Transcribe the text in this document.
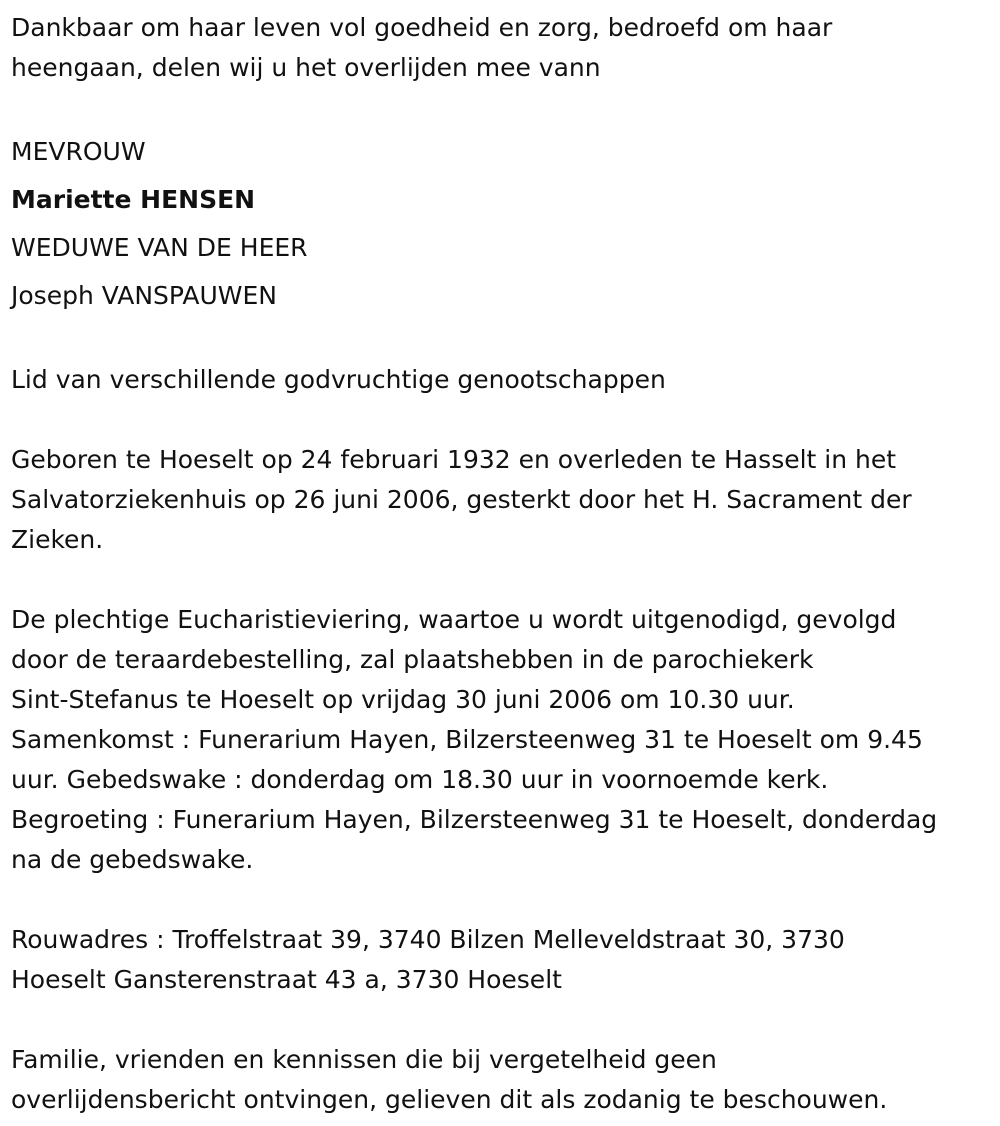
Dankbaar om haar leven vol goedheid en zorg, bedroefd om haar
heengaan, delen wij u het overlijden mee vann

MEVROUW
Mariette HENSEN
WEDUWE VAN DE HEER
Joseph VANSPAUWEN

Lid van verschillende godvruchtige genootschappen

Geboren te Hoeselt op 24 februari 1932 en overleden te Hasselt in het
Salvatorziekenhuis op 26 juni 2006, gesterkt door het H. Sacrament der
Zieken.

De plechtige Eucharistieviering, waartoe u wordt uitgenodigd, gevolgd
door de teraardebestelling, zal plaatshebben in de parochiekerk
Sint-Stefanus te Hoeselt op vrijdag 30 juni 2006 om 10.30 uur.
Samenkomst : Funerarium Hayen, Bilzersteenweg 31 te Hoeselt om 9.45
uur. Gebedswake : donderdag om 18.30 uur in voornoemde kerk.
Begroeting : Funerarium Hayen, Bilzersteenweg 31 te Hoeselt, donderdag
na de gebedswake.

Rouwadres : Troffelstraat 39, 3740 Bilzen Melleveldstraat 30, 3730
Hoeselt Gansterenstraat 43 a, 3730 Hoeselt

Familie, vrienden en kennissen die bij vergetelheid geen
overlijdensbericht ontvingen, gelieven dit als zodanig te beschouwen.
